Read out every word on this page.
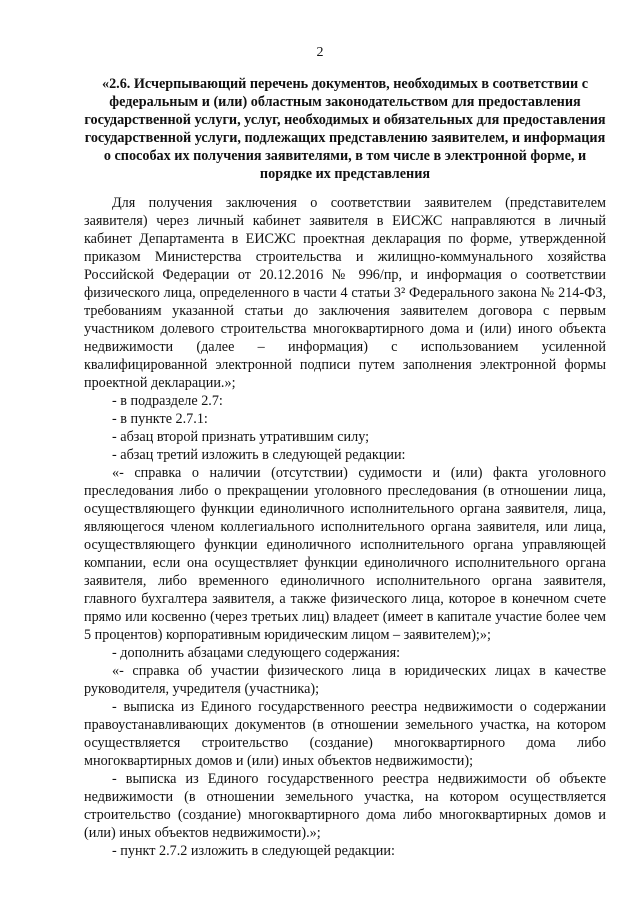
2
«2.6. Исчерпывающий перечень документов, необходимых в соответствии с федеральным и (или) областным законодательством для предоставления государственной услуги, услуг, необходимых и обязательных для предоставления государственной услуги, подлежащих представлению заявителем, и информация о способах их получения заявителями, в том числе в электронной форме, и порядке их представления

Для получения заключения о соответствии заявителем (представителем заявителя) через личный кабинет заявителя в ЕИСЖС направляются в личный кабинет Департамента в ЕИСЖС проектная декларация по форме, утвержденной приказом Министерства строительства и жилищно-коммунального хозяйства Российской Федерации от 20.12.2016 № 996/пр, и информация о соответствии физического лица, определенного в части 4 статьи 3² Федерального закона № 214-ФЗ, требованиям указанной статьи до заключения заявителем договора с первым участником долевого строительства многоквартирного дома и (или) иного объекта недвижимости (далее – информация) с использованием усиленной квалифицированной электронной подписи путем заполнения электронной формы проектной декларации.»;

- в подразделе 2.7:

- в пункте 2.7.1:

- абзац второй признать утратившим силу;

- абзац третий изложить в следующей редакции:

«- справка о наличии (отсутствии) судимости и (или) факта уголовного преследования либо о прекращении уголовного преследования (в отношении лица, осуществляющего функции единоличного исполнительного органа заявителя, лица, являющегося членом коллегиального исполнительного органа заявителя, или лица, осуществляющего функции единоличного исполнительного органа управляющей компании, если она осуществляет функции единоличного исполнительного органа заявителя, либо временного единоличного исполнительного органа заявителя, главного бухгалтера заявителя, а также физического лица, которое в конечном счете прямо или косвенно (через третьих лиц) владеет (имеет в капитале участие более чем 5 процентов) корпоративным юридическим лицом – заявителем);»;

- дополнить абзацами следующего содержания:

«- справка об участии физического лица в юридических лицах в качестве руководителя, учредителя (участника);

- выписка из Единого государственного реестра недвижимости о содержании правоустанавливающих документов (в отношении земельного участка, на котором осуществляется строительство (создание) многоквартирного дома либо многоквартирных домов и (или) иных объектов недвижимости);

- выписка из Единого государственного реестра недвижимости об объекте недвижимости (в отношении земельного участка, на котором осуществляется строительство (создание) многоквартирного дома либо многоквартирных домов и (или) иных объектов недвижимости).»;

- пункт 2.7.2 изложить в следующей редакции:
